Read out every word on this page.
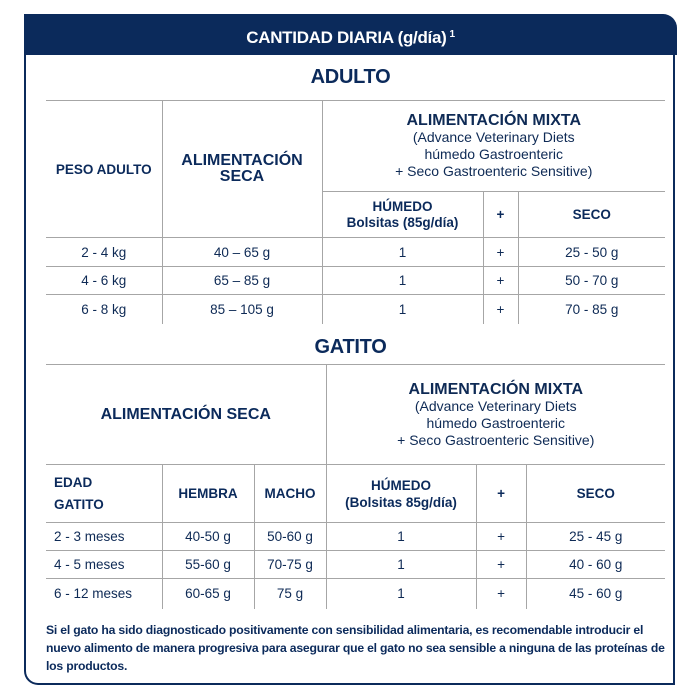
CANTIDAD DIARIA (g/día) $^1$
ADULTO
PESO ADULTO	ALIMENTACIÓN SECA	ALIMENTACIÓN MIXTA
(Advance Veterinary Diets
húmedo Gastroenteric
+ Seco Gastroenteric Sensitive)		

		HÚMEDO
Bolsitas (85g/día)	+	SECO
2 - 4 kg	40 – 65 g	1	+	25 - 50 g
4 - 6 kg	65 – 85 g	1	+	50 - 70 g
6 - 8 kg	85 – 105 g	1	+	70 - 85 g
GATITO
ALIMENTACIÓN SECA			ALIMENTACIÓN MIXTA
(Advance Veterinary Diets
húmedo Gastroenteric
+ Seco Gastroenteric Sensitive)		

EDAD
GATITO	HEMBRA	MACHO	HÚMEDO
(Bolsitas 85g/día)	+	SECO
2 - 3 meses	40-50 g	50-60 g	1	+	25 - 45 g
4 - 5 meses	55-60 g	70-75 g	1	+	40 - 60 g
6 - 12 meses	60-65 g	75 g	1	+	45 - 60 g
Si el gato ha sido diagnosticado positivamente con sensibilidad alimentaria, es recomendable introducir el nuevo alimento de manera progresiva para asegurar que el gato no sea sensible a ninguna de las proteínas de los productos.
